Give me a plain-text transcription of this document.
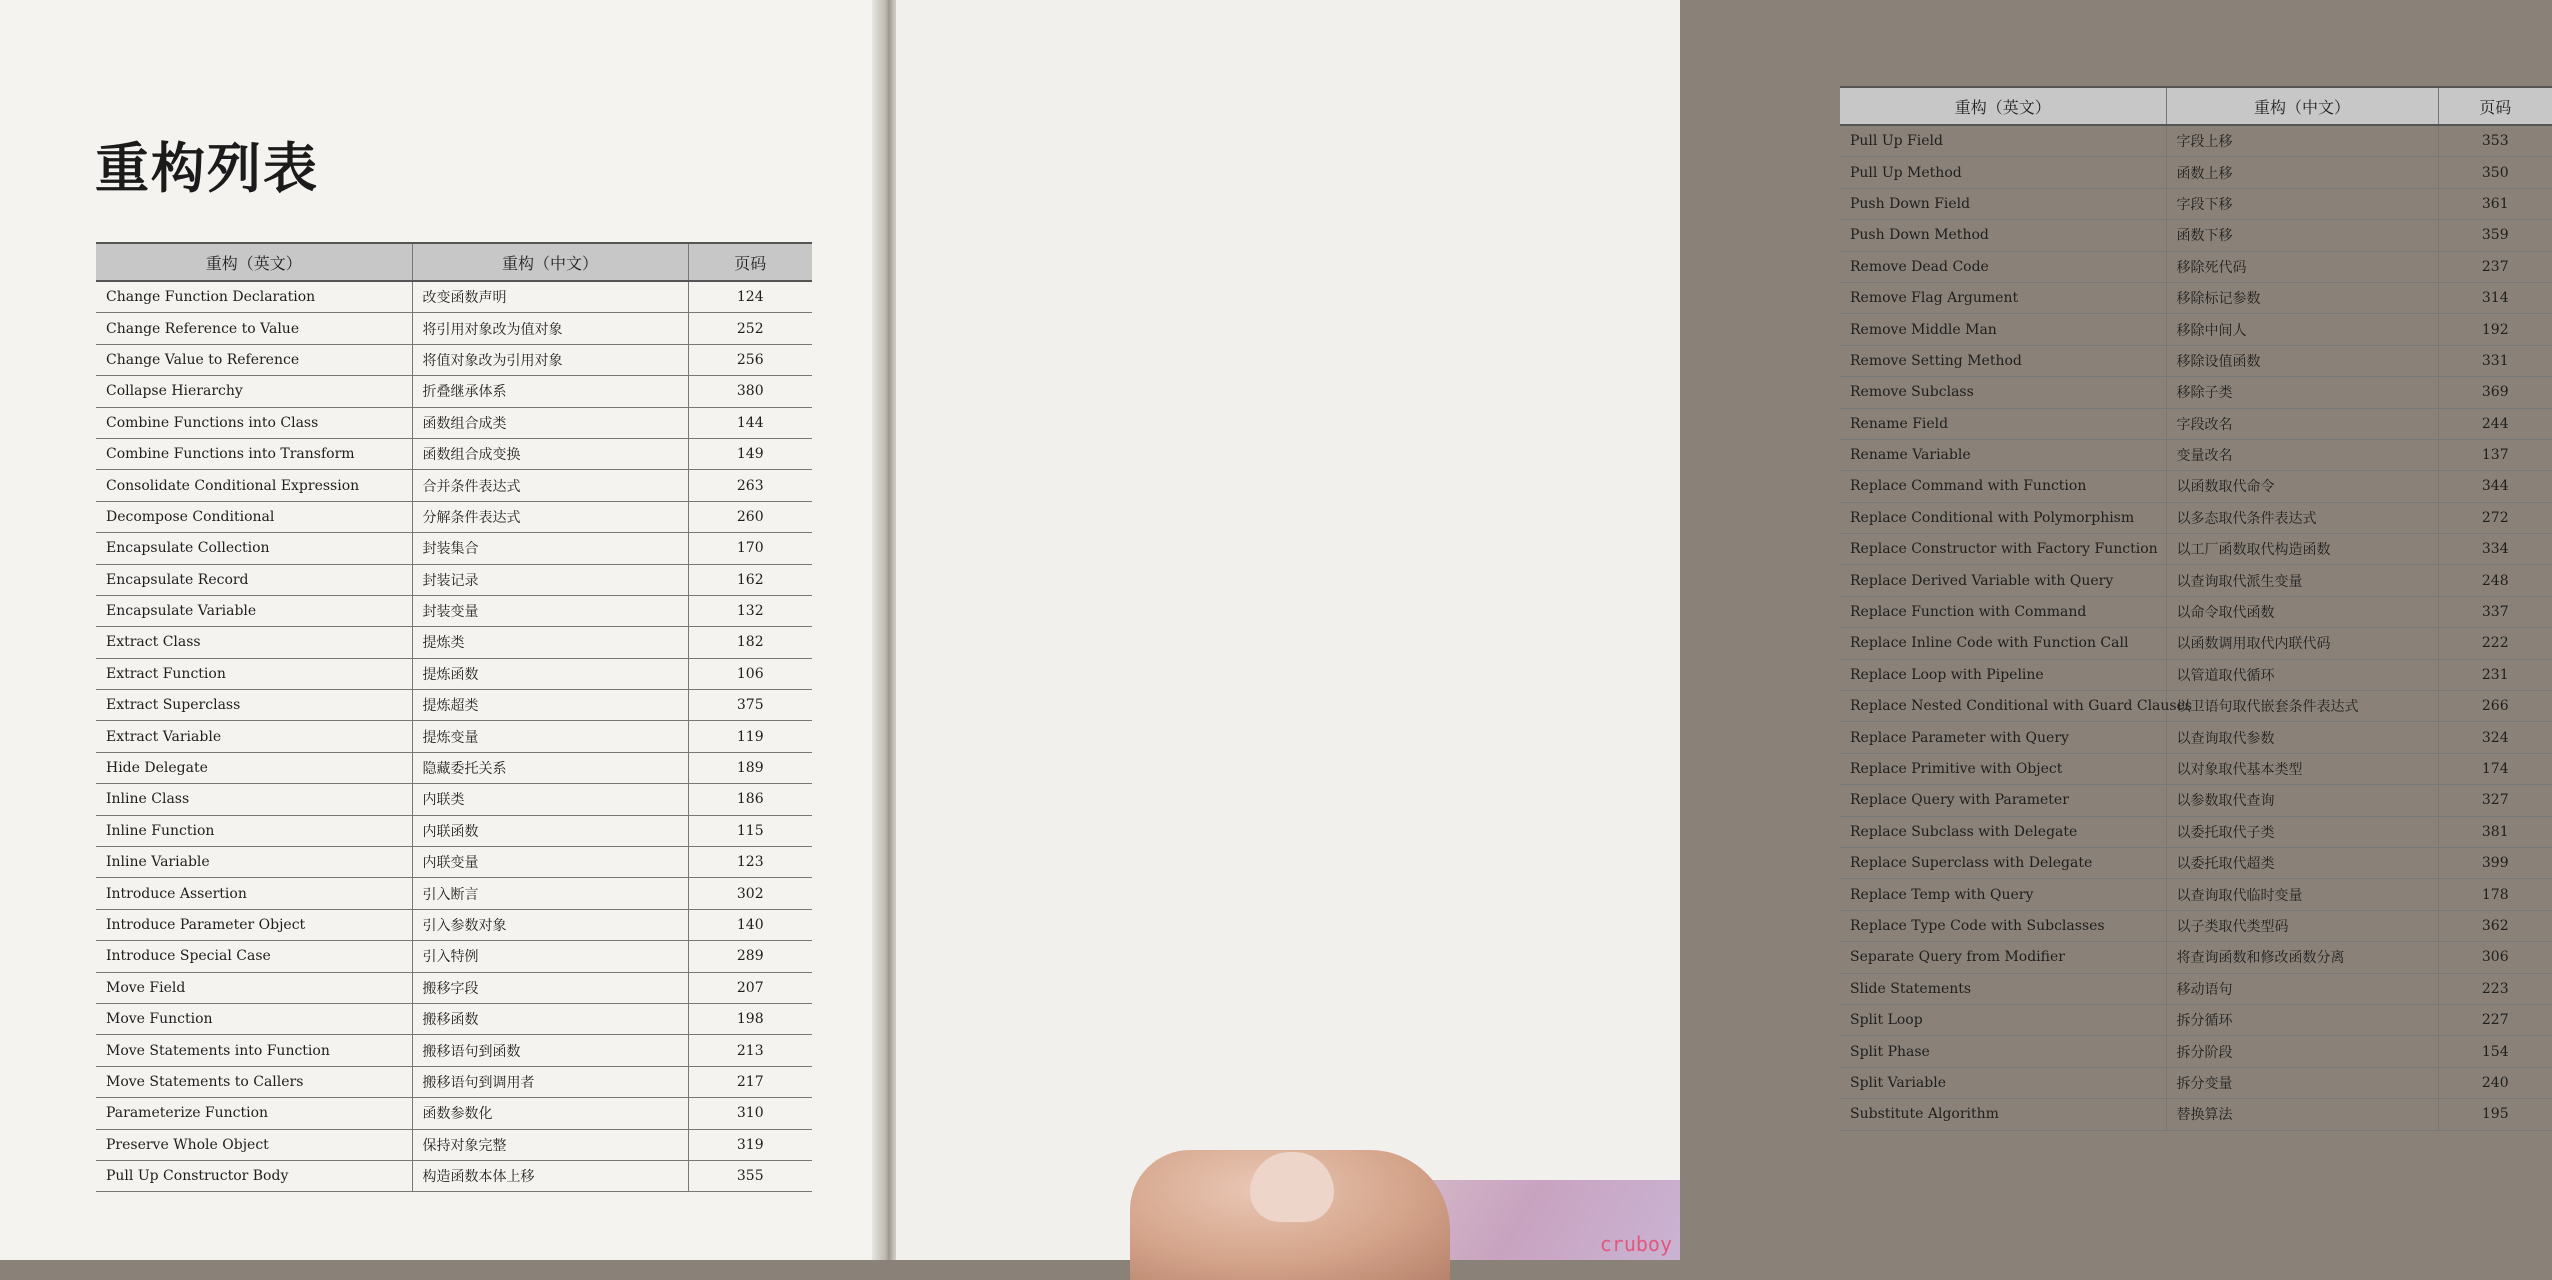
重构列表
重构（英文）	重构（中文）	页码
Change Function Declaration	改变函数声明	124
Change Reference to Value	将引用对象改为值对象	252
Change Value to Reference	将值对象改为引用对象	256
Collapse Hierarchy	折叠继承体系	380
Combine Functions into Class	函数组合成类	144
Combine Functions into Transform	函数组合成变换	149
Consolidate Conditional Expression	合并条件表达式	263
Decompose Conditional	分解条件表达式	260
Encapsulate Collection	封装集合	170
Encapsulate Record	封装记录	162
Encapsulate Variable	封装变量	132
Extract Class	提炼类	182
Extract Function	提炼函数	106
Extract Superclass	提炼超类	375
Extract Variable	提炼变量	119
Hide Delegate	隐藏委托关系	189
Inline Class	内联类	186
Inline Function	内联函数	115
Inline Variable	内联变量	123
Introduce Assertion	引入断言	302
Introduce Parameter Object	引入参数对象	140
Introduce Special Case	引入特例	289
Move Field	搬移字段	207
Move Function	搬移函数	198
Move Statements into Function	搬移语句到函数	213
Move Statements to Callers	搬移语句到调用者	217
Parameterize Function	函数参数化	310
Preserve Whole Object	保持对象完整	319
Pull Up Constructor Body	构造函数本体上移	355
重构（英文）	重构（中文）	页码
Pull Up Field	字段上移	353
Pull Up Method	函数上移	350
Push Down Field	字段下移	361
Push Down Method	函数下移	359
Remove Dead Code	移除死代码	237
Remove Flag Argument	移除标记参数	314
Remove Middle Man	移除中间人	192
Remove Setting Method	移除设值函数	331
Remove Subclass	移除子类	369
Rename Field	字段改名	244
Rename Variable	变量改名	137
Replace Command with Function	以函数取代命令	344
Replace Conditional with Polymorphism	以多态取代条件表达式	272
Replace Constructor with Factory Function	以工厂函数取代构造函数	334
Replace Derived Variable with Query	以查询取代派生变量	248
Replace Function with Command	以命令取代函数	337
Replace Inline Code with Function Call	以函数调用取代内联代码	222
Replace Loop with Pipeline	以管道取代循环	231
Replace Nested Conditional with Guard Clauses	以卫语句取代嵌套条件表达式	266
Replace Parameter with Query	以查询取代参数	324
Replace Primitive with Object	以对象取代基本类型	174
Replace Query with Parameter	以参数取代查询	327
Replace Subclass with Delegate	以委托取代子类	381
Replace Superclass with Delegate	以委托取代超类	399
Replace Temp with Query	以查询取代临时变量	178
Replace Type Code with Subclasses	以子类取代类型码	362
Separate Query from Modifier	将查询函数和修改函数分离	306
Slide Statements	移动语句	223
Split Loop	拆分循环	227
Split Phase	拆分阶段	154
Split Variable	拆分变量	240
Substitute Algorithm	替换算法	195
cruboy
